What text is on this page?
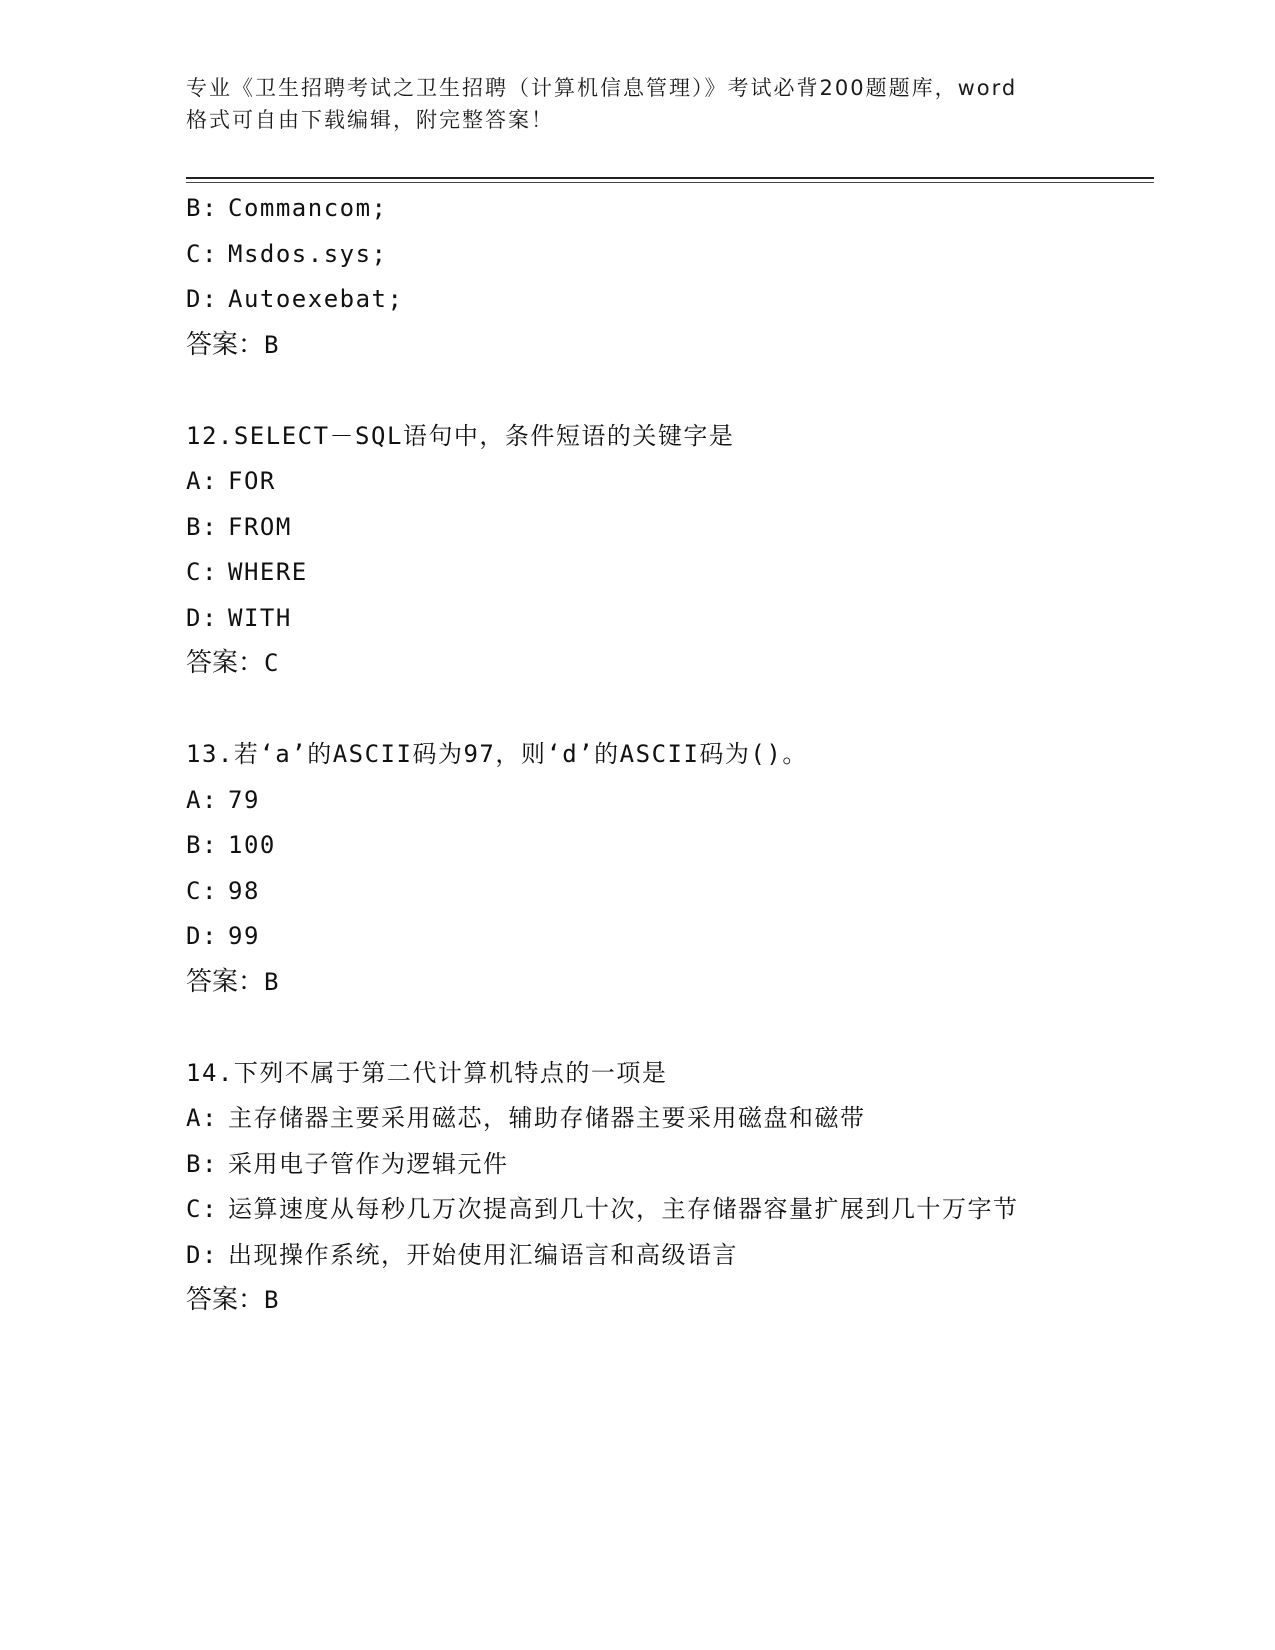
专业《卫生招聘考试之卫生招聘（计算机信息管理）》考试必背200题题库，word
格式可自由下载编辑，附完整答案！
B: Commancom;
C: Msdos.sys;
D: Autoexebat;
答案：B
12.SELECT－SQL语句中，条件短语的关键字是
A: FOR
B: FROM
C: WHERE
D: WITH
答案：C
13.若‘a’的ASCII码为97，则‘d’的ASCII码为()。
A: 79
B: 100
C: 98
D: 99
答案：B
14.下列不属于第二代计算机特点的一项是
A: 主存储器主要采用磁芯，辅助存储器主要采用磁盘和磁带
B: 采用电子管作为逻辑元件
C: 运算速度从每秒几万次提高到几十次，主存储器容量扩展到几十万字节
D: 出现操作系统，开始使用汇编语言和高级语言
答案：B
